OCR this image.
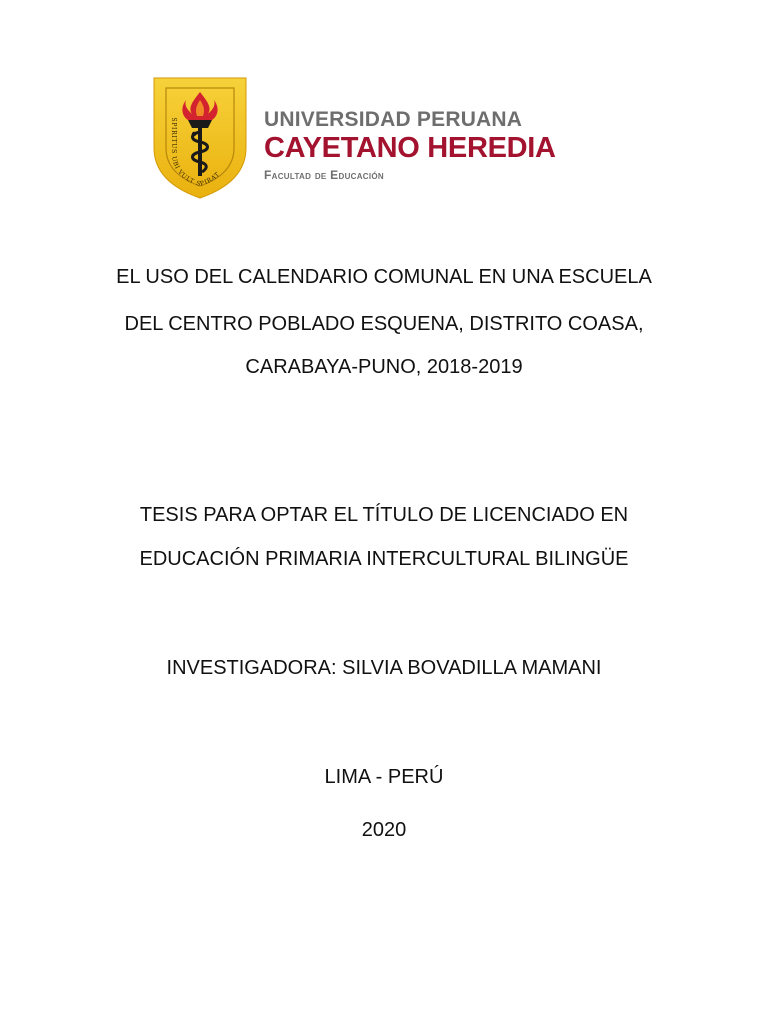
SPIRITUS UBI VULT SPIRAT
UNIVERSIDAD PERUANA
CAYETANO HEREDIA
Facultad de Educación
EL USO DEL CALENDARIO COMUNAL EN UNA ESCUELA
DEL CENTRO POBLADO ESQUENA, DISTRITO COASA,
CARABAYA-PUNO, 2018-2019
TESIS PARA OPTAR EL TÍTULO DE LICENCIADO EN
EDUCACIÓN PRIMARIA INTERCULTURAL BILINGÜE
INVESTIGADORA: SILVIA BOVADILLA MAMANI
LIMA - PERÚ
2020
